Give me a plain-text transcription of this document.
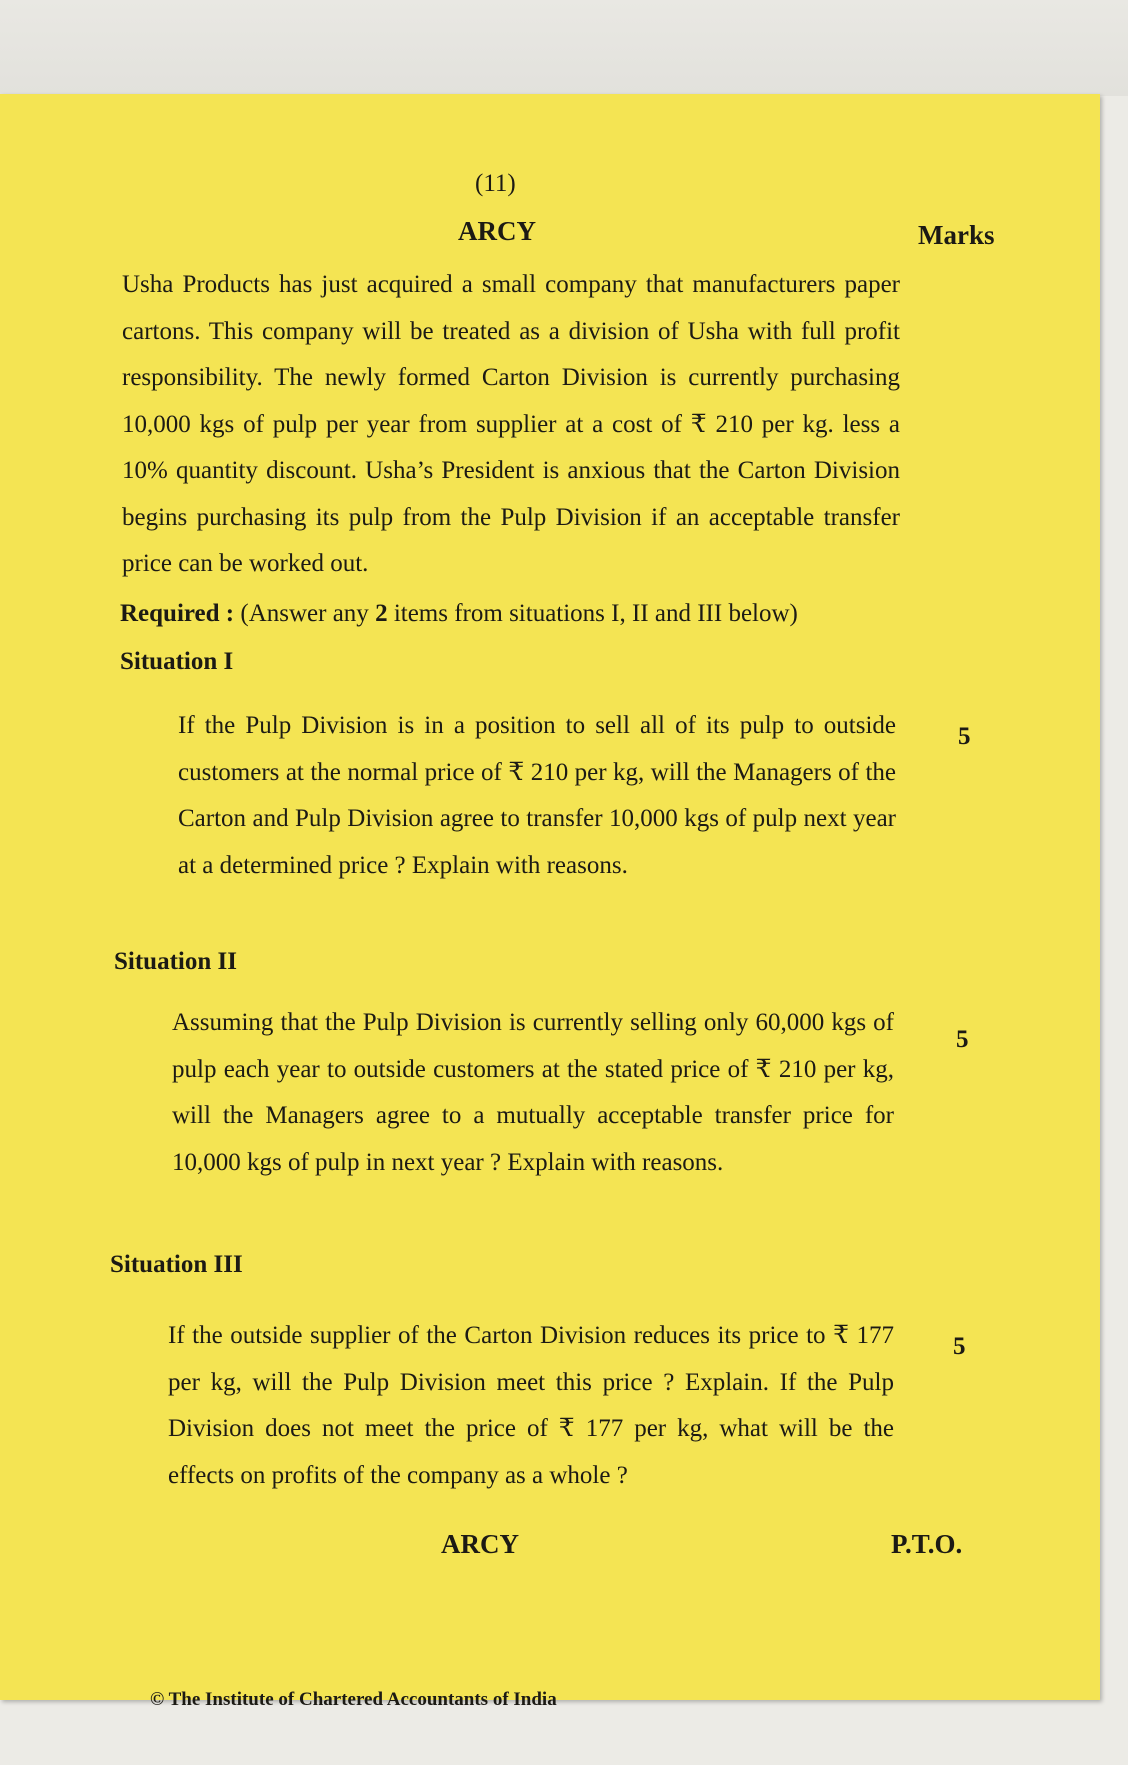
(11)

ARCY	Marks

Usha Products has just acquired a small company that manufacturers paper cartons. This company will be treated as a division of Usha with full profit responsibility. The newly formed Carton Division is currently purchasing 10,000 kgs of pulp per year from supplier at a cost of ₹ 210 per kg. less a 10% quantity discount. Usha’s President is anxious that the Carton Division begins purchasing its pulp from the Pulp Division if an acceptable transfer price can be worked out.

Required : (Answer any 2 items from situations I, II and III below)

Situation I

If the Pulp Division is in a position to sell all of its pulp to outside customers at the normal price of ₹ 210 per kg, will the Managers of the Carton and Pulp Division agree to transfer 10,000 kgs of pulp next year at a determined price ? Explain with reasons.

5

Situation II

Assuming that the Pulp Division is currently selling only 60,000 kgs of pulp each year to outside customers at the stated price of ₹ 210 per kg, will the Managers agree to a mutually acceptable transfer price for 10,000 kgs of pulp in next year ? Explain with reasons.

5

Situation III

If the outside supplier of the Carton Division reduces its price to ₹ 177 per kg, will the Pulp Division meet this price ? Explain. If the Pulp Division does not meet the price of ₹ 177 per kg, what will be the effects on profits of the company as a whole ?

5

ARCY	P.T.O.

© The Institute of Chartered Accountants of India
